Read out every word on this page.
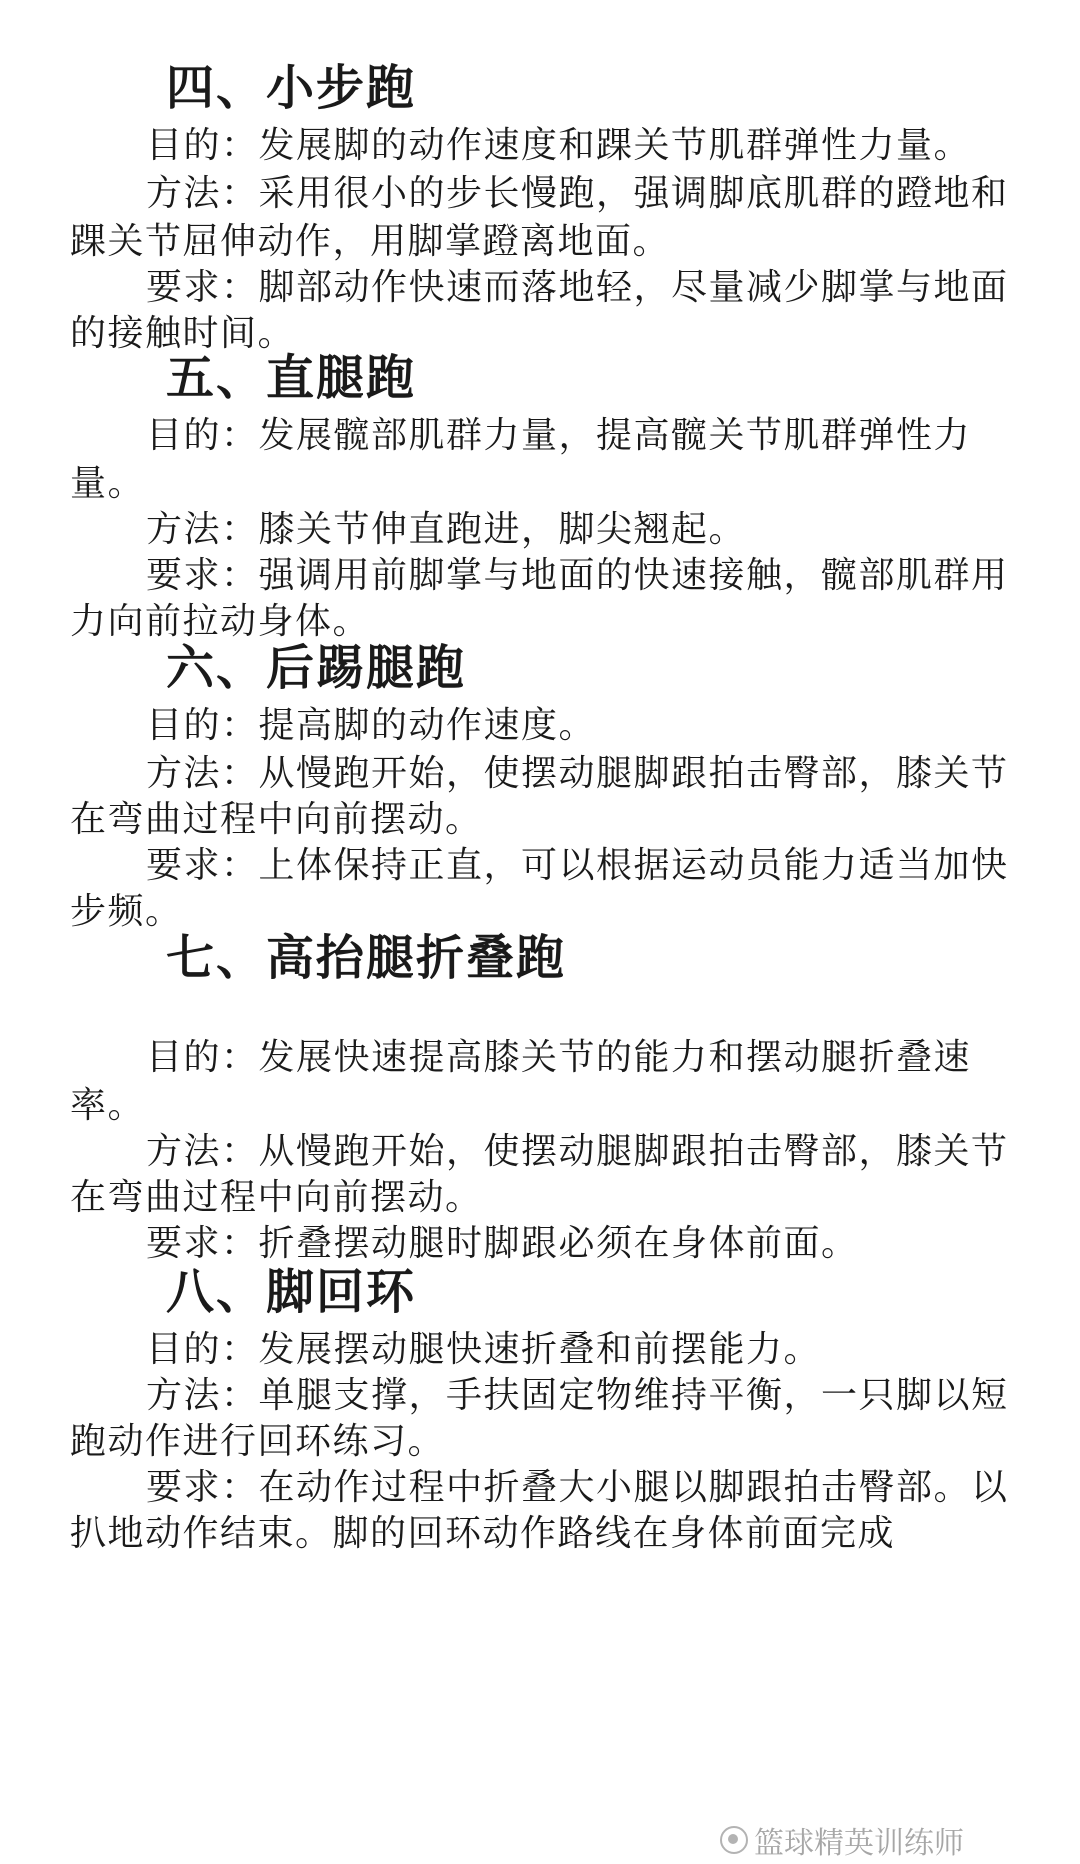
四、小步跑
目的：发展脚的动作速度和踝关节肌群弹性力量。
方法：采用很小的步长慢跑，强调脚底肌群的蹬地和
踝关节屈伸动作，用脚掌蹬离地面。
要求：脚部动作快速而落地轻，尽量减少脚掌与地面
的接触时间。
五、直腿跑
目的：发展髋部肌群力量，提高髋关节肌群弹性力
量。
方法：膝关节伸直跑进，脚尖翘起。
要求：强调用前脚掌与地面的快速接触，髋部肌群用
力向前拉动身体。
六、后踢腿跑
目的：提高脚的动作速度。
方法：从慢跑开始，使摆动腿脚跟拍击臀部，膝关节
在弯曲过程中向前摆动。
要求：上体保持正直，可以根据运动员能力适当加快
步频。
七、高抬腿折叠跑
目的：发展快速提高膝关节的能力和摆动腿折叠速
率。
方法：从慢跑开始，使摆动腿脚跟拍击臀部，膝关节
在弯曲过程中向前摆动。
要求：折叠摆动腿时脚跟必须在身体前面。
八、脚回环
目的：发展摆动腿快速折叠和前摆能力。
方法：单腿支撑，手扶固定物维持平衡，一只脚以短
跑动作进行回环练习。
要求：在动作过程中折叠大小腿以脚跟拍击臀部。以
扒地动作结束。脚的回环动作路线在身体前面完成
篮球精英训练师
